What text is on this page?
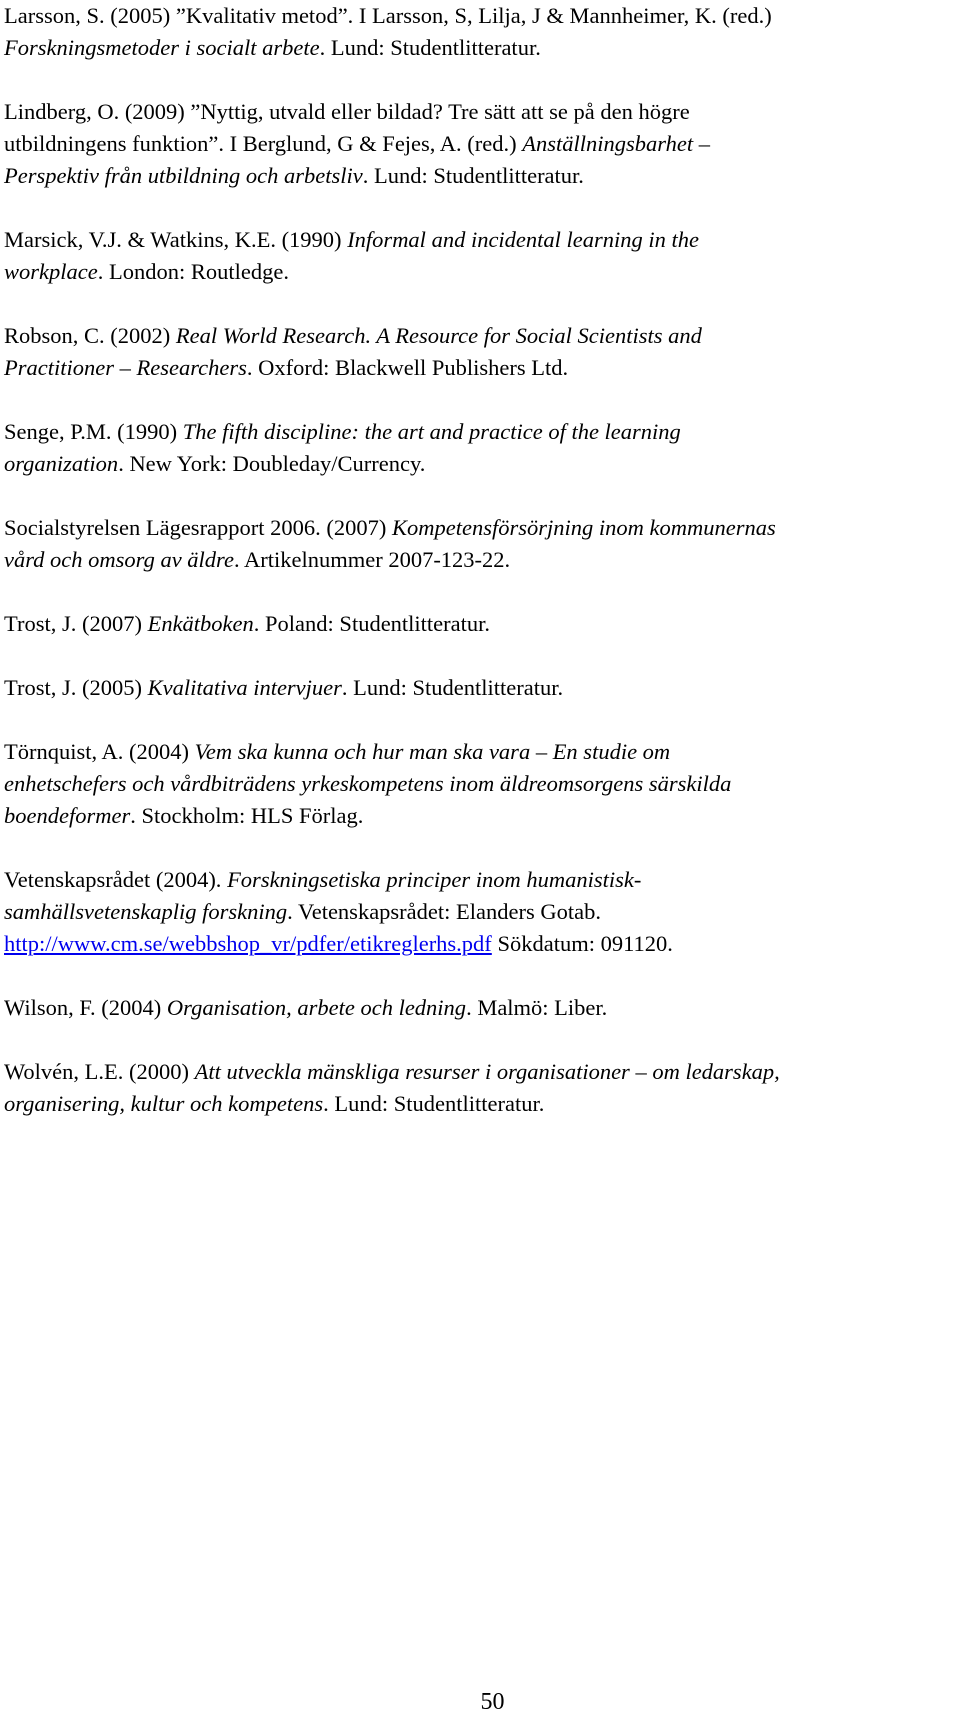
Larsson, S. (2005) ”Kvalitativ metod”. I Larsson, S, Lilja, J & Mannheimer, K. (red.)
Forskningsmetoder i socialt arbete. Lund: Studentlitteratur.

Lindberg, O. (2009) ”Nyttig, utvald eller bildad? Tre sätt att se på den högre
utbildningens funktion”. I Berglund, G & Fejes, A. (red.) Anställningsbarhet –
Perspektiv från utbildning och arbetsliv. Lund: Studentlitteratur.

Marsick, V.J. & Watkins, K.E. (1990) Informal and incidental learning in the
workplace. London: Routledge.

Robson, C. (2002) Real World Research. A Resource for Social Scientists and
Practitioner – Researchers. Oxford: Blackwell Publishers Ltd.

Senge, P.M. (1990) The fifth discipline: the art and practice of the learning
organization. New York: Doubleday/Currency.

Socialstyrelsen Lägesrapport 2006. (2007) Kompetensförsörjning inom kommunernas
vård och omsorg av äldre. Artikelnummer 2007-123-22.

Trost, J. (2007) Enkätboken. Poland: Studentlitteratur.

Trost, J. (2005) Kvalitativa intervjuer. Lund: Studentlitteratur.

Törnquist, A. (2004) Vem ska kunna och hur man ska vara – En studie om
enhetschefers och vårdbiträdens yrkeskompetens inom äldreomsorgens särskilda
boendeformer. Stockholm: HLS Förlag.

Vetenskapsrådet (2004). Forskningsetiska principer inom humanistisk-
samhällsvetenskaplig forskning. Vetenskapsrådet: Elanders Gotab.
http://www.cm.se/webbshop_vr/pdfer/etikreglerhs.pdf Sökdatum: 091120.

Wilson, F. (2004) Organisation, arbete och ledning. Malmö: Liber.

Wolvén, L.E. (2000) Att utveckla mänskliga resurser i organisationer – om ledarskap,
organisering, kultur och kompetens. Lund: Studentlitteratur.

50
